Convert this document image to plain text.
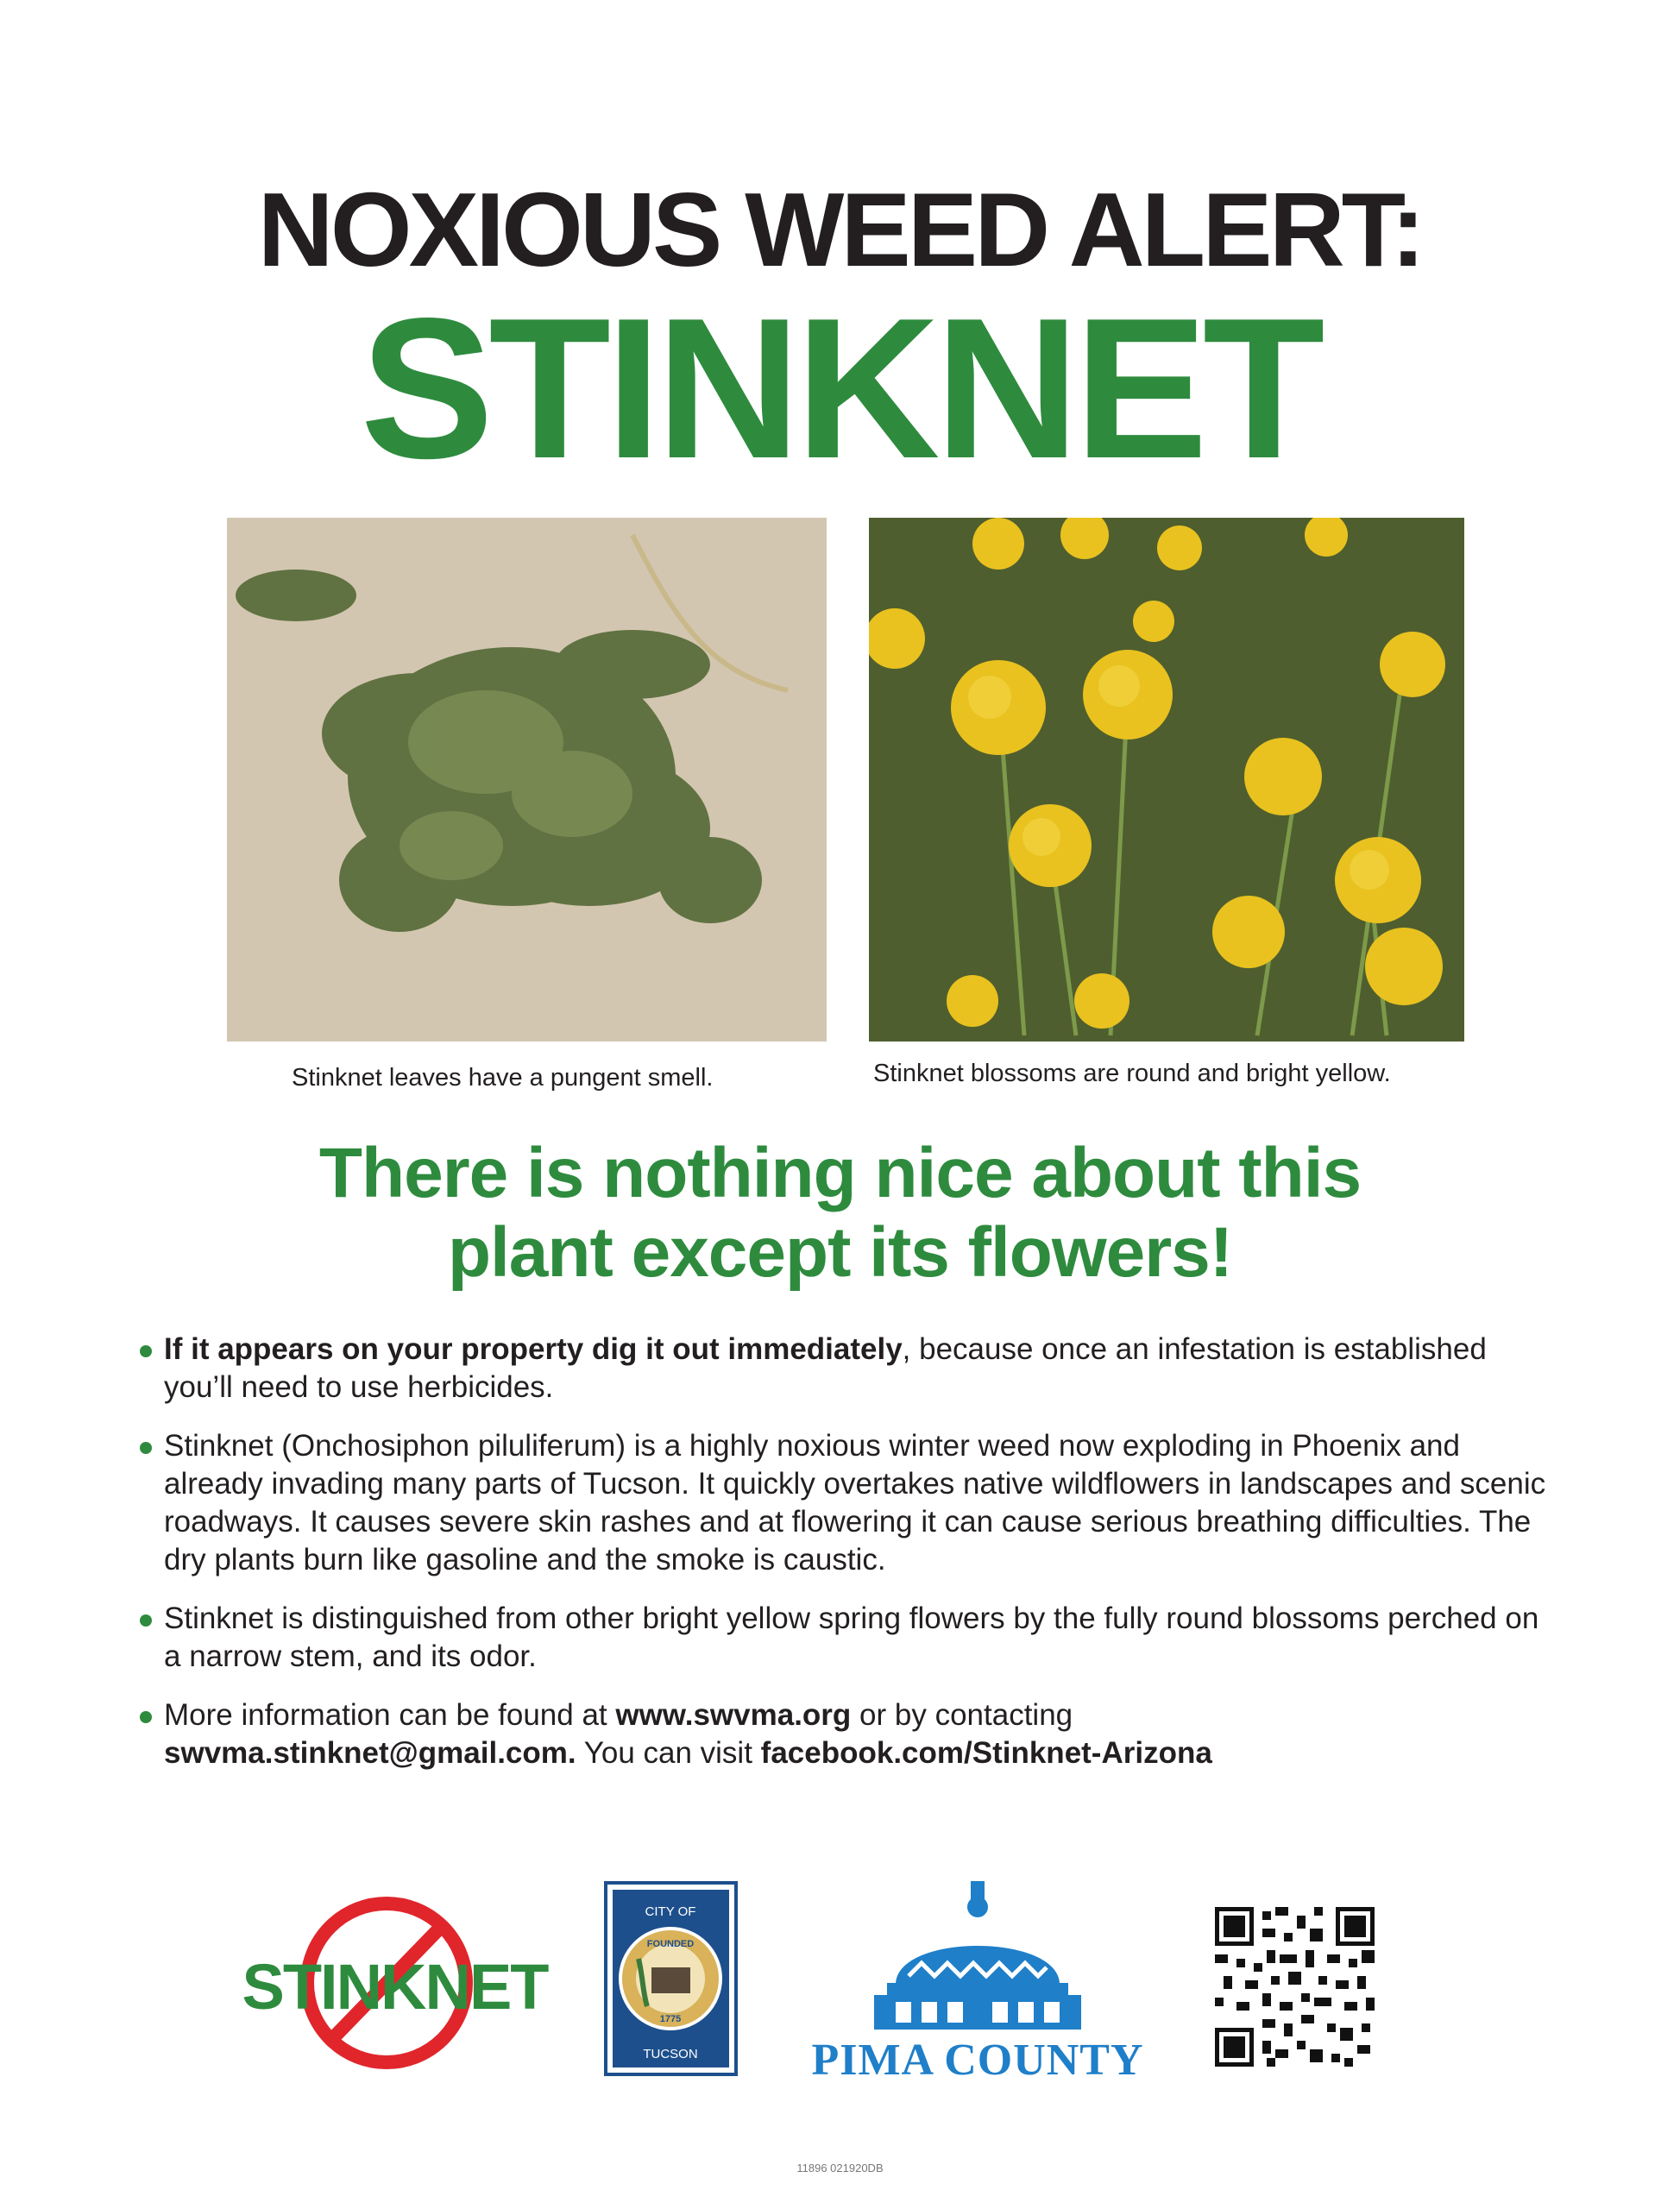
NOXIOUS WEED ALERT:
STINKNET
Stinknet leaves have a pungent smell.	Stinknet blossoms are round and bright yellow.
There is nothing nice about this
plant except its flowers!
If it appears on your property dig it out immediately, because once an infestation is established you’ll need to use herbicides.
Stinknet (Onchosiphon piluliferum) is a highly noxious winter weed now exploding in Phoenix and already invading many parts of Tucson. It quickly overtakes native wildflowers in landscapes and scenic roadways. It causes severe skin rashes and at flowering it can cause serious breathing difficulties. The dry plants burn like gasoline and the smoke is caustic.
Stinknet is distinguished from other bright yellow spring flowers by the fully round blossoms perched on a narrow stem, and its odor.
More information can be found at www.swvma.org or by contacting
swvma.stinknet@gmail.com. You can visit facebook.com/Stinknet-Arizona
STINKNET
CITY OF
FOUNDED
1775
TUCSON	PIMA COUNTY
11896 021920DB
